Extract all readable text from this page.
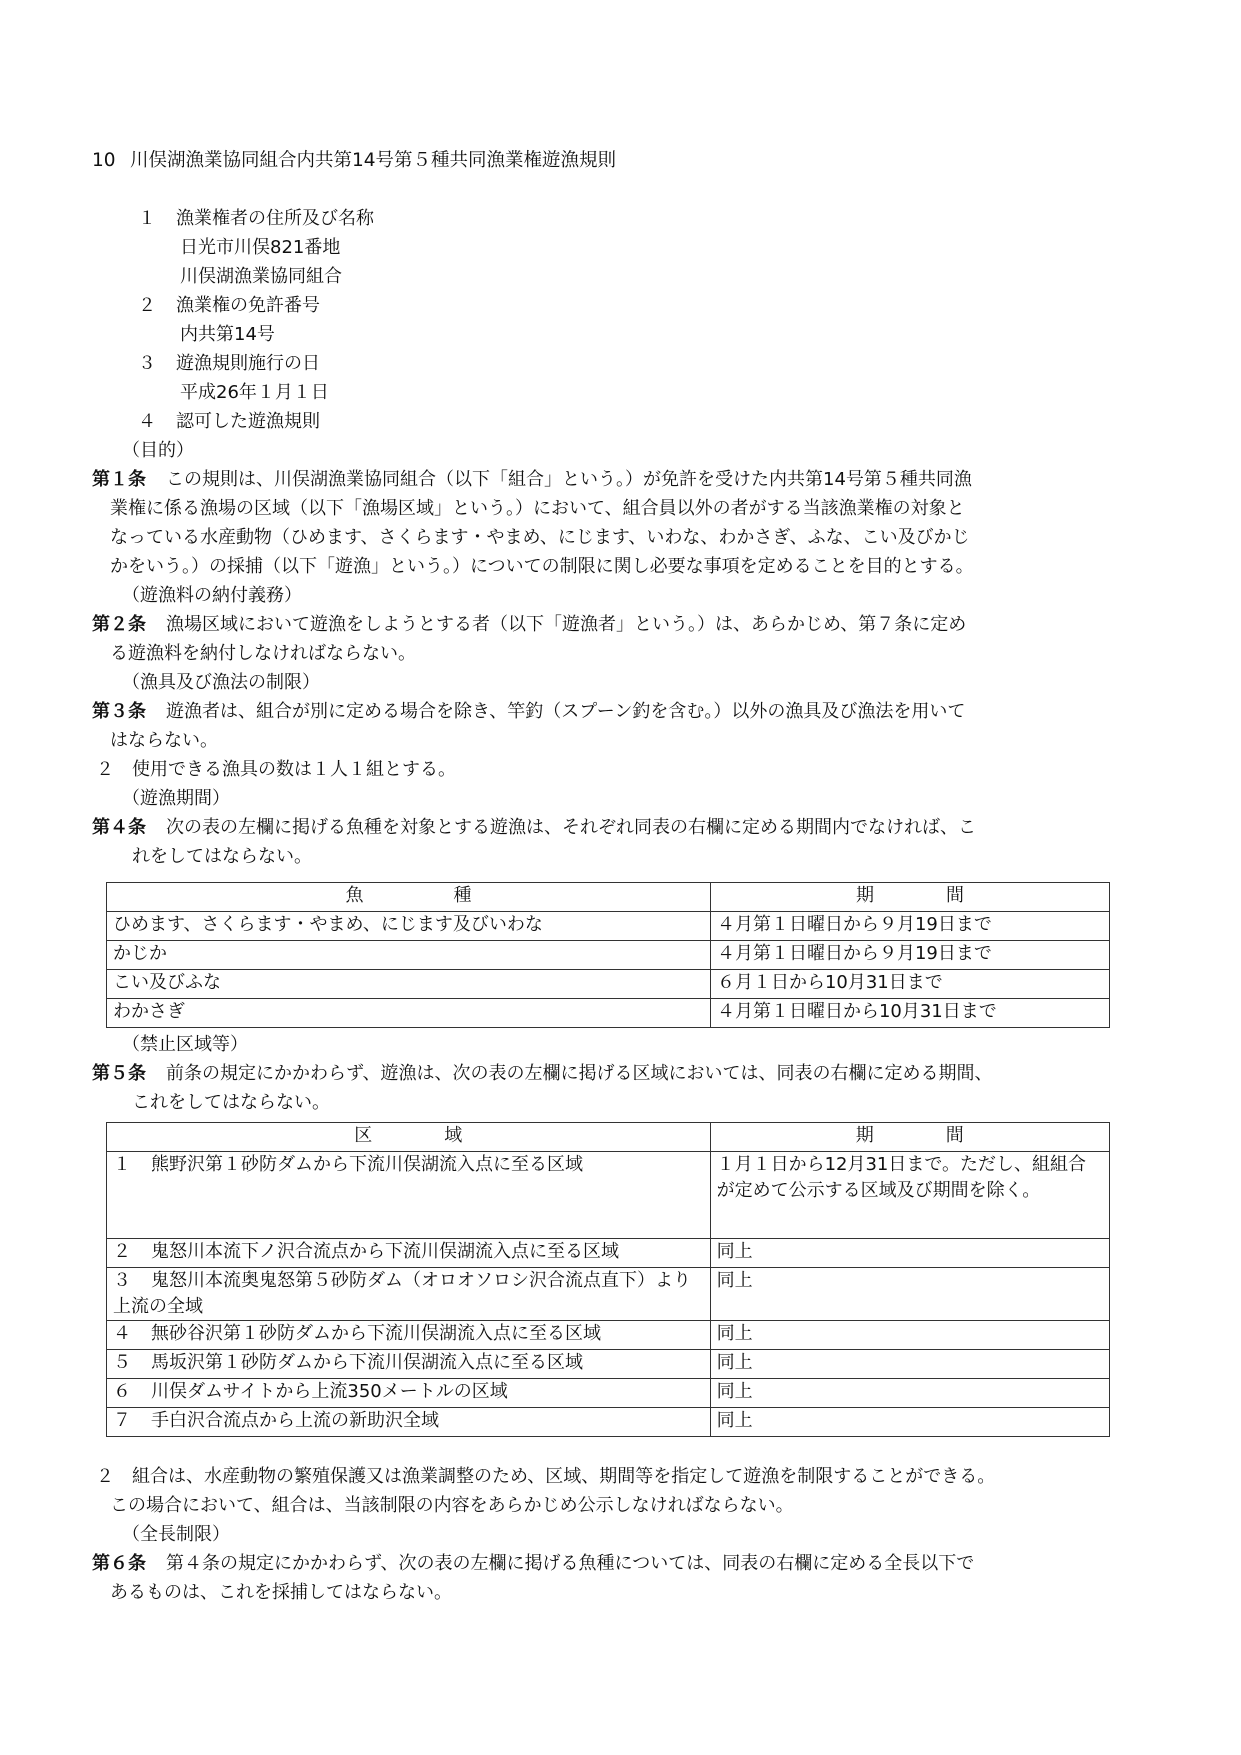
10 川俣湖漁業協同組合内共第14号第５種共同漁業権遊漁規則
１ 漁業権者の住所及び名称
日光市川俣821番地
川俣湖漁業協同組合
２ 漁業権の免許番号
内共第14号
３ 遊漁規則施行の日
平成26年１月１日
４ 認可した遊漁規則
（目的）
第１条 この規則は、川俣湖漁業協同組合（以下「組合」という。）が免許を受けた内共第14号第５種共同漁
業権に係る漁場の区域（以下「漁場区域」という。）において、組合員以外の者がする当該漁業権の対象と
なっている水産動物（ひめます、さくらます・やまめ、にじます、いわな、わかさぎ、ふな、こい及びかじ
かをいう。）の採捕（以下「遊漁」という。）についての制限に関し必要な事項を定めることを目的とする。
（遊漁料の納付義務）
第２条 漁場区域において遊漁をしようとする者（以下「遊漁者」という。）は、あらかじめ、第７条に定め
る遊漁料を納付しなければならない。
（漁具及び漁法の制限）
第３条 遊漁者は、組合が別に定める場合を除き、竿釣（スプーン釣を含む。）以外の漁具及び漁法を用いて
はならない。
２　使用できる漁具の数は１人１組とする。
（遊漁期間）
第４条 次の表の左欄に掲げる魚種を対象とする遊漁は、それぞれ同表の右欄に定める期間内でなければ、こ
れをしてはならない。
魚　　　　　種	期　　　　間
ひめます、さくらます・やまめ、にじます及びいわな	４月第１日曜日から９月19日まで
かじか	４月第１日曜日から９月19日まで
こい及びふな	６月１日から10月31日まで
わかさぎ	４月第１日曜日から10月31日まで
（禁止区域等）
第５条 前条の規定にかかわらず、遊漁は、次の表の左欄に掲げる区域においては、同表の右欄に定める期間、
これをしてはならない。
区　　　　域	期　　　　間
１ 熊野沢第１砂防ダムから下流川俣湖流入点に至る区域	１月１日から12月31日まで。ただし、組組合が定めて公示する区域及び期間を除く。
２ 鬼怒川本流下ノ沢合流点から下流川俣湖流入点に至る区域	同上
３ 鬼怒川本流奥鬼怒第５砂防ダム（オロオソロシ沢合流点直下）より上流の全域	同上
４ 無砂谷沢第１砂防ダムから下流川俣湖流入点に至る区域	同上
５ 馬坂沢第１砂防ダムから下流川俣湖流入点に至る区域	同上
６ 川俣ダムサイトから上流350メートルの区域	同上
７ 手白沢合流点から上流の新助沢全域	同上
２　組合は、水産動物の繁殖保護又は漁業調整のため、区域、期間等を指定して遊漁を制限することができる。
この場合において、組合は、当該制限の内容をあらかじめ公示しなければならない。
（全長制限）
第６条 第４条の規定にかかわらず、次の表の左欄に掲げる魚種については、同表の右欄に定める全長以下で
あるものは、これを採捕してはならない。
